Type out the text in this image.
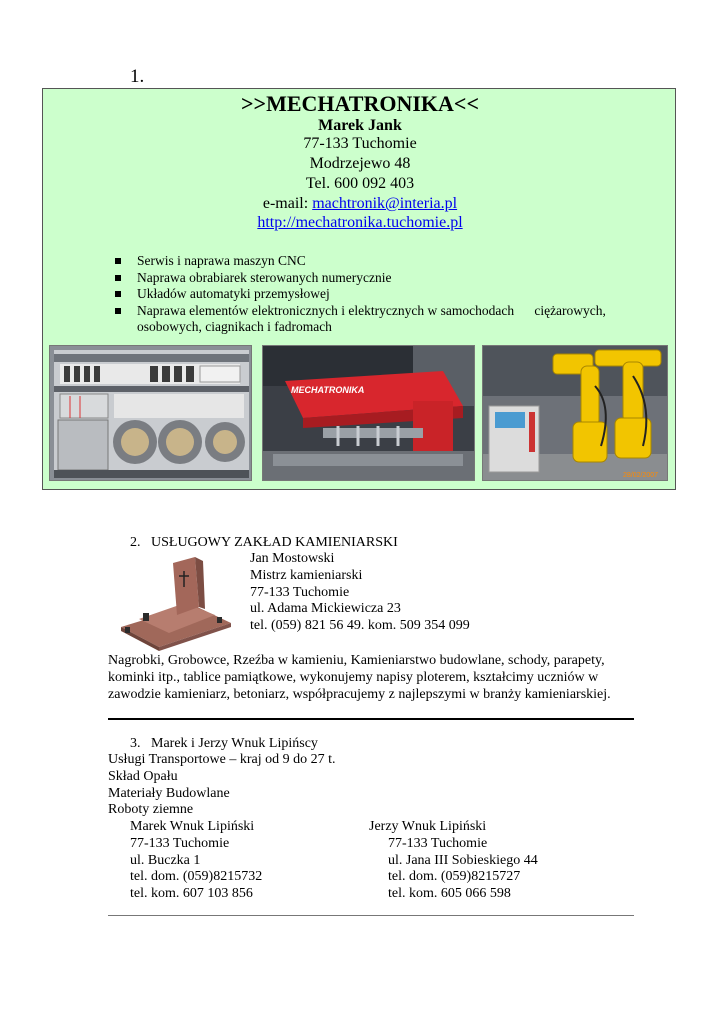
1.
>>MECHATRONIKA<<
Marek Jank
77-133 Tuchomie
Modrzejewo 48
Tel. 600 092 403
e-mail: machtronik@interia.pl
http://mechatronika.tuchomie.pl
Serwis i naprawa maszyn CNC
Naprawa obrabiarek sterowanych numerycznie
Układów automatyki przemysłowej
Naprawa elementów elektronicznych i elektrycznych w samochodach      ciężarowych, osobowych, ciagnikach i fadromach
MECHATRONIKA
28/02/2007
2.   USŁUGOWY ZAKŁAD KAMIENIARSKI
Jan Mostowski
Mistrz kamieniarski
77-133 Tuchomie
ul. Adama Mickiewicza 23
tel. (059) 821 56 49. kom. 509 354 099
Nagrobki, Grobowce, Rzeźba w kamieniu, Kamieniarstwo budowlane, schody, parapety, kominki itp., tablice pamiątkowe, wykonujemy napisy ploterem, kształcimy uczniów w zawodzie kamieniarz, betoniarz, współpracujemy z najlepszymi w branży kamieniarskiej.
3.   Marek i Jerzy Wnuk Lipińscy
Usługi Transportowe – kraj od 9 do 27 t.
Skład Opału
Materiały Budowlane
Roboty ziemne
Marek Wnuk Lipiński
77-133 Tuchomie
ul. Buczka 1
tel. dom. (059)8215732
tel. kom. 607 103 856
Jerzy Wnuk Lipiński
77-133 Tuchomie
ul. Jana III Sobieskiego 44
tel. dom. (059)8215727
tel. kom. 605 066 598
